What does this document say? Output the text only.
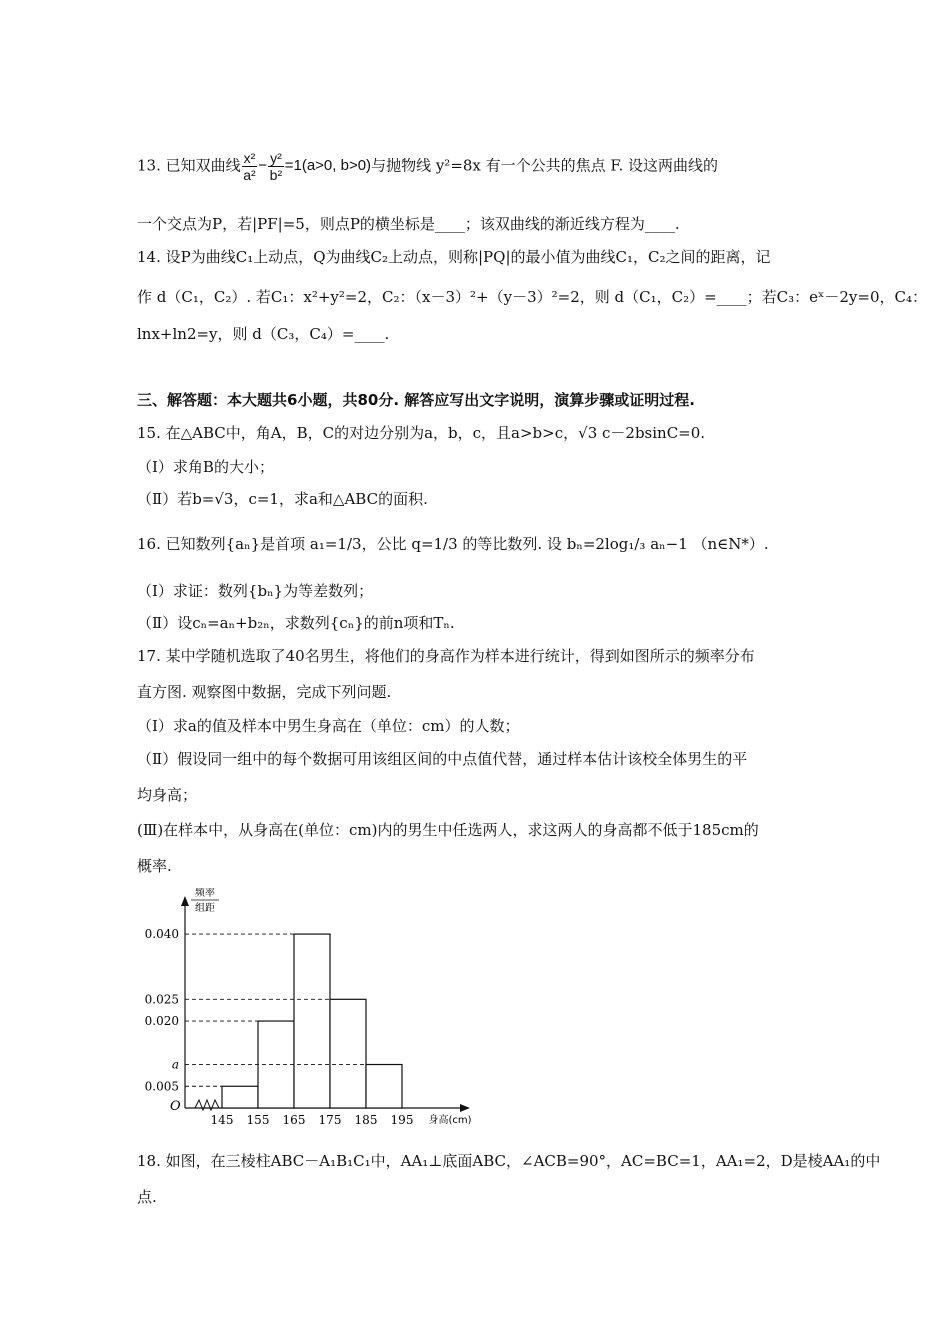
13. 已知双曲线 $\frac{\text{x²}}{\text{a²}} - \frac{\text{y²}}{\text{b²}} =1(a>0$, b>0)与抛物线 y²=8x 有一个公共的焦点 F. 设这两曲线的
一个交点为P，若|PF|=5，则点P的横坐标是____；该双曲线的渐近线方程为____.
14. 设P为曲线C₁上动点，Q为曲线C₂上动点，则称|PQ|的最小值为曲线C₁，C₂之间的距离，记
作 d（C₁，C₂）. 若C₁：x²+y²=2，C₂：（x－3）²+（y－3）²=2，则 d（C₁，C₂）=____；若C₃：eˣ－2y=0，C₄：
lnx+ln2=y，则 d（C₃，C₄）=____.
三、解答题：本大题共6小题，共80分. 解答应写出文字说明，演算步骤或证明过程.
15. 在△ABC中，角A，B，C的对边分别为a，b，c，且a>b>c，√3 c－2bsinC=0.
（Ⅰ）求角B的大小；
（Ⅱ）若b=√3，c=1，求a和△ABC的面积.
16. 已知数列{aₙ}是首项 a₁=1/3，公比 q=1/3 的等比数列. 设 bₙ=2log₁/₃ aₙ−1 （n∈N*）.
（Ⅰ）求证：数列{bₙ}为等差数列；
（Ⅱ）设cₙ=aₙ+b₂ₙ，求数列{cₙ}的前n项和Tₙ.
17. 某中学随机选取了40名男生，将他们的身高作为样本进行统计，得到如图所示的频率分布
直方图. 观察图中数据，完成下列问题.
（Ⅰ）求a的值及样本中男生身高在（单位：cm）的人数；
（Ⅱ）假设同一组中的每个数据可用该组区间的中点值代替，通过样本估计该校全体男生的平
均身高；
(Ⅲ)在样本中，从身高在(单位：cm)内的男生中任选两人，求这两人的身高都不低于185cm的
概率.
频率
组距
O
0.040
0.025
0.020
a
0.005
145 155 165 175 185 195 身高(cm)
18. 如图，在三棱柱ABC－A₁B₁C₁中，AA₁⊥底面ABC，∠ACB=90°，AC=BC=1，AA₁=2，D是棱AA₁的中
点.
